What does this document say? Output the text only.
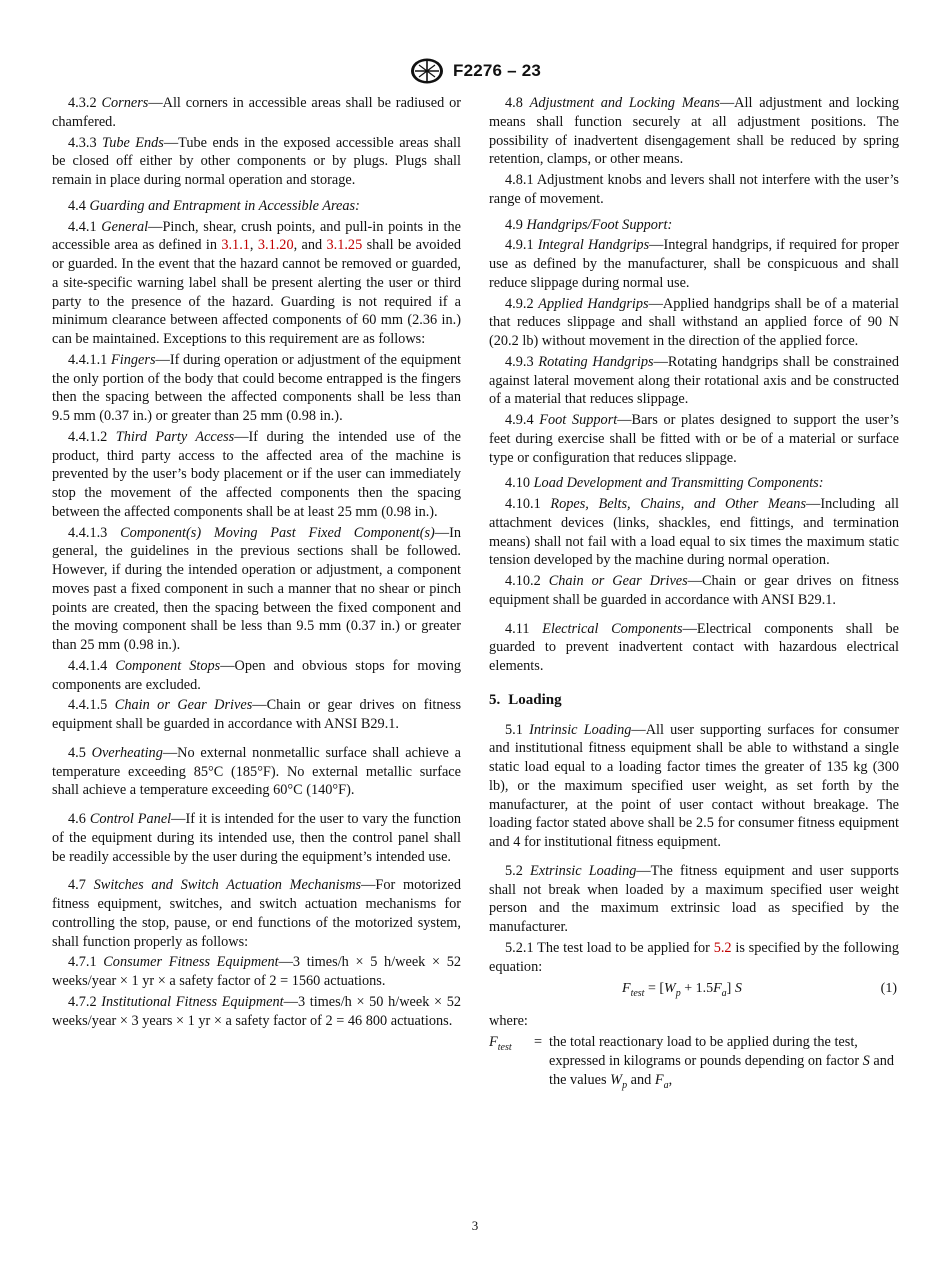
F2276 – 23

4.3.2 Corners—All corners in accessible areas shall be radiused or chamfered.

4.3.3 Tube Ends—Tube ends in the exposed accessible areas shall be closed off either by other components or by plugs. Plugs shall remain in place during normal operation and storage.

4.4 Guarding and Entrapment in Accessible Areas:

4.4.1 General—Pinch, shear, crush points, and pull-in points in the accessible area as defined in 3.1.1, 3.1.20, and 3.1.25 shall be avoided or guarded. In the event that the hazard cannot be removed or guarded, a site-specific warning label shall be present alerting the user or third party to the presence of the hazard. Guarding is not required if a minimum clearance between affected components of 60 mm (2.36 in.) can be maintained. Exceptions to this requirement are as follows:

4.4.1.1 Fingers—If during operation or adjustment of the equipment the only portion of the body that could become entrapped is the fingers then the spacing between the affected components shall be less than 9.5 mm (0.37 in.) or greater than 25 mm (0.98 in.).

4.4.1.2 Third Party Access—If during the intended use of the product, third party access to the affected area of the machine is prevented by the user’s body placement or if the user can immediately stop the movement of the affected components then the spacing between the affected components shall be at least 25 mm (0.98 in.).

4.4.1.3 Component(s) Moving Past Fixed Component(s)—In general, the guidelines in the previous sections shall be followed. However, if during the intended operation or adjustment, a component moves past a fixed component in such a manner that no shear or pinch points are created, then the spacing between the fixed component and the moving component shall be less than 9.5 mm (0.37 in.) or greater than 25 mm (0.98 in.).

4.4.1.4 Component Stops—Open and obvious stops for moving components are excluded.

4.4.1.5 Chain or Gear Drives—Chain or gear drives on fitness equipment shall be guarded in accordance with ANSI B29.1.

4.5 Overheating—No external nonmetallic surface shall achieve a temperature exceeding 85°C (185°F). No external metallic surface shall achieve a temperature exceeding 60°C (140°F).

4.6 Control Panel—If it is intended for the user to vary the function of the equipment during its intended use, then the control panel shall be readily accessible by the user during the equipment’s intended use.

4.7 Switches and Switch Actuation Mechanisms—For motorized fitness equipment, switches, and switch actuation mechanisms for controlling the stop, pause, or end functions of the motorized system, shall function properly as follows:

4.7.1 Consumer Fitness Equipment—3 times/h × 5 h/week × 52 weeks/year × 1 yr × a safety factor of 2 = 1560 actuations.

4.7.2 Institutional Fitness Equipment—3 times/h × 50 h/week × 52 weeks/year × 3 years × 1 yr × a safety factor of 2 = 46 800 actuations.

4.8 Adjustment and Locking Means—All adjustment and locking means shall function securely at all adjustment positions. The possibility of inadvertent disengagement shall be reduced by spring retention, clamps, or other means.

4.8.1 Adjustment knobs and levers shall not interfere with the user’s range of movement.

4.9 Handgrips/Foot Support:

4.9.1 Integral Handgrips—Integral handgrips, if required for proper use as defined by the manufacturer, shall be conspicuous and shall reduce slippage during normal use.

4.9.2 Applied Handgrips—Applied handgrips shall be of a material that reduces slippage and shall withstand an applied force of 90 N (20.2 lb) without movement in the direction of the applied force.

4.9.3 Rotating Handgrips—Rotating handgrips shall be constrained against lateral movement along their rotational axis and be constructed of a material that reduces slippage.

4.9.4 Foot Support—Bars or plates designed to support the user’s feet during exercise shall be fitted with or be of a material or surface type or configuration that reduces slippage.

4.10 Load Development and Transmitting Components:

4.10.1 Ropes, Belts, Chains, and Other Means—Including all attachment devices (links, shackles, end fittings, and termination means) shall not fail with a load equal to six times the maximum static tension developed by the machine during normal operation.

4.10.2 Chain or Gear Drives—Chain or gear drives on fitness equipment shall be guarded in accordance with ANSI B29.1.

4.11 Electrical Components—Electrical components shall be guarded to prevent inadvertent contact with hazardous electrical elements.

5. Loading

5.1 Intrinsic Loading—All user supporting surfaces for consumer and institutional fitness equipment shall be able to withstand a single static load equal to a loading factor times the greater of 135 kg (300 lb), or the maximum specified user weight, as set forth by the manufacturer, at the point of user contact without breakage. The loading factor stated above shall be 2.5 for consumer fitness equipment and 4 for institutional fitness equipment.

5.2 Extrinsic Loading—The fitness equipment and user supports shall not break when loaded by a maximum specified user weight person and the maximum extrinsic load as specified by the manufacturer.

5.2.1 The test load to be applied for 5.2 is specified by the following equation:

$F_{test} = [W_p + 1.5F_a]$ S	(1)

where:

$F_{test}$	= the total reactionary load to be applied during the test, expressed in kilograms or pounds depending on factor S and the values $W_p$ and $F_a$,
3
